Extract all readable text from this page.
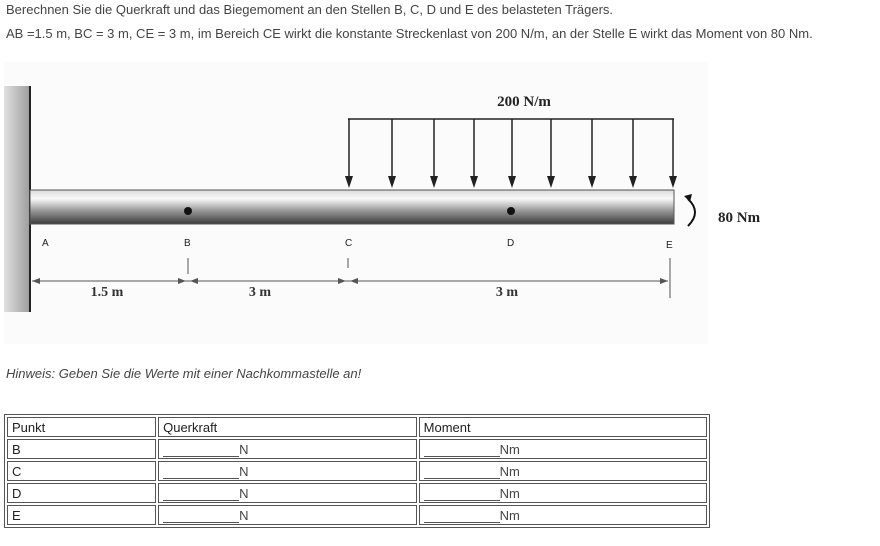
Berechnen Sie die Querkraft und das Biegemoment an den Stellen B, C, D und E des belasteten Trägers.
AB =1.5 m, BC = 3 m, CE = 3 m, im Bereich CE wirkt die konstante Streckenlast von 200 N/m, an der Stelle E wirkt das Moment von 80 Nm.
200 N/m
80 Nm
A	B	C	D	E
1.5 m	3 m	3 m
Hinweis: Geben Sie die Werte mit einer Nachkommastelle an!
Punkt	Querkraft	Moment
B	N	Nm
C	N	Nm
D	N	Nm
E	N	Nm
